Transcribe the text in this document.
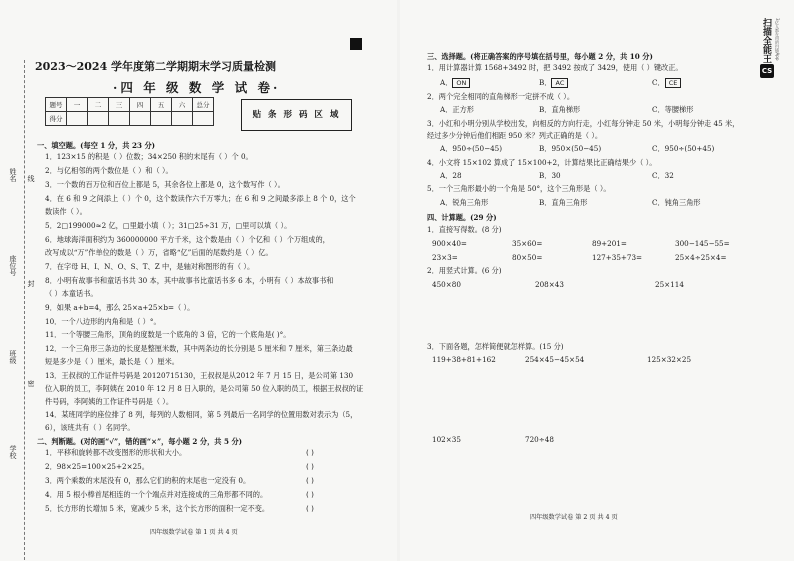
2023～2024 学年度第二学期期末学习质量检测
·四 年 级 数 学 试 卷·
题号	一	二	三	四	五	六	总分
得分								贴 条 形 码 区 域
姓名
座位号
班级
学校
线
封
密
一、填空题。(每空 1 分，共 23 分)
1．123×15 的积是（ ）位数；34×250 积的末尾有（ ）个 0。
2．与亿相邻的两个数位是（ ）和（ ）。
3．一个数的百万位和百位上都是 5，其余各位上都是 0，这个数写作（ ）。
4．在 6 和 9 之间添上（ ）个 0，这个数读作六千万零九；在 6 和 9 之间最多添上 8 个 0，这个
数读作（ ）。
5．2□199000≈2 亿，□里最小填（ ）；31□25÷31 万，□里可以填（ ）。
6．地球海洋面积约为 360000000 平方千米，这个数是由（ ）个亿和（ ）个万组成的，
改写成以“万”作单位的数是（ ）万，省略“亿”后面的尾数约是（ ）亿。
7．在字母 H、I、N、O、S、T、Z 中，是轴对称图形的有（ ）。
8．小明有故事书和童话书共 30 本，其中故事书比童话书多 6 本，小明有（ ）本故事书和
（ ）本童话书。
9．如果 a+b=4，那么 25×a+25×b=（ ）。
10．一个八边形的内角和是（ ）°。
11．一个等腰三角形，顶角的度数是一个底角的 3 倍，它的一个底角是( )°。
12．一个三角形三条边的长度是整厘米数，其中两条边的长分别是 5 厘米和 7 厘米，第三条边最
短是多少是（ ）厘米，最长是（ ）厘米。
13．王叔叔的工作证件号码是 20120715130，王叔叔是从2012 年 7 月 15 日，是公司第 130
位入职的员工，李阿姨在 2010 年 12 月 8 日入职的，是公司第 50 位入职的员工，根据王叔叔的证
件号码，李阿姨的工作证件号码是（ ）。
14．某班同学的座位排了 8 列，每列的人数相同，第 5 列最后一名同学的位置用数对表示为（5，
6），该班共有（ ）名同学。
二、判断题。(对的画“√”，错的画“×”，每小题 2 分，共 5 分)
1．平移和旋转都不改变图形的形状和大小。	( )
2．98×25=100×25+2×25。	( )
3．两个乘数的末尾没有 0，那么它们的积的末尾也一定没有 0。	( )
4．用 5 根小棒首尾相连的一个个端点并对连接成的三角形都不同的。	( )
5．长方形的长增加 5 米，宽减少 5 米，这个长方形的面积一定不变。	( )
四年级数学试卷 第 1 页 共 4 页
三、选择题。(将正确答案的序号填在括号里，每小题 2 分，共 10 分)
1．用计算器计算 1568+3492 时，把 3492 按成了 3429，使用（ ）键改正。
A． ON	B． AC	C． CE
2．两个完全相同的直角梯形一定拼不成（ ）。
A．正方形	B．直角梯形	C．等腰梯形
3．小红和小明分别从学校出发，向相反的方向行走，小红每分钟走 50 米，小明每分钟走 45 米，
经过多少分钟后他们相距 950 米？列式正确的是（ ）。
A．950÷(50−45)	B．950×(50−45)	C．950÷(50+45)
4．小文将 15×102 算成了 15×100+2，计算结果比正确结果少（ ）。
A．28	B．30	C．32
5．一个三角形最小的一个角是 50°，这个三角形是（ ）。
A．锐角三角形	B．直角三角形	C．钝角三角形
四、计算题。(29 分)
1．直接写得数。(8 分)
900×40=	35×60=	89+201=	300−145−55=
23×3=	80×50=	127+35+73=	25×4÷25×4=
2．用竖式计算。(6 分)
450×80	208×43	25×114
3．下面各题，怎样简便就怎样算。(15 分)
119+38+81+162	254×45−45×54	125×32×25
102×35	720÷48
四年级数学试卷 第 2 页 共 4 页
扫描全能王	3亿人都在用的扫描App
CS
